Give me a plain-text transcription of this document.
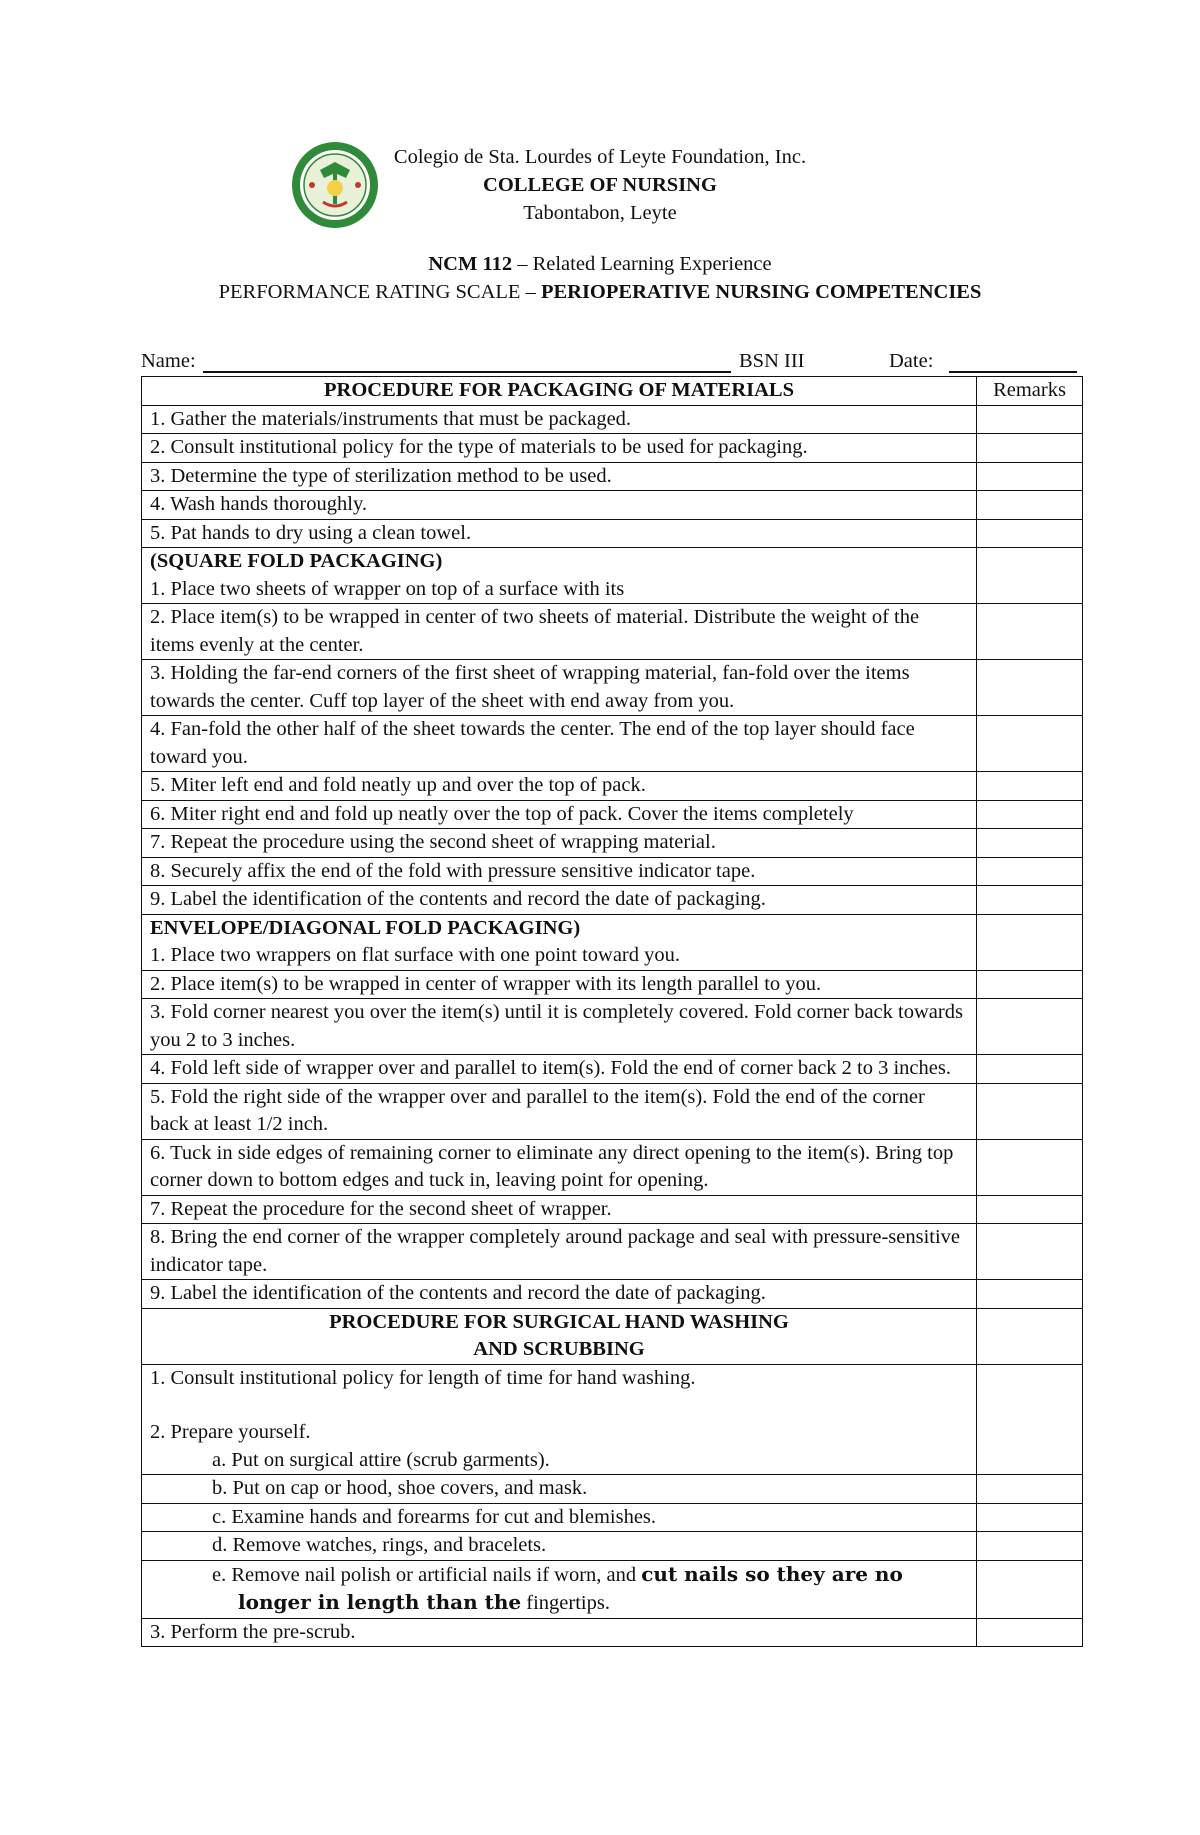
Colegio de Sta. Lourdes of Leyte Foundation, Inc.
COLLEGE OF NURSING
Tabontabon, Leyte
NCM 112 – Related Learning Experience
PERFORMANCE RATING SCALE – PERIOPERATIVE NURSING COMPETENCIES
Name:	BSN III	Date:
PROCEDURE FOR PACKAGING OF MATERIALS	Remarks
1. Gather the materials/instruments that must be packaged.	
2. Consult institutional policy for the type of materials to be used for packaging.	
3. Determine the type of sterilization method to be used.	
4. Wash hands thoroughly.	
5. Pat hands to dry using a clean towel.	

(SQUARE FOLD PACKAGING)
1. Place two sheets of wrapper on top of a surface with its	

2. Place item(s) to be wrapped in center of two sheets of material. Distribute the weight of the items evenly at the center.	
3. Holding the far-end corners of the first sheet of wrapping material, fan-fold over the items towards the center. Cuff top layer of the sheet with end away from you.	
4. Fan-fold the other half of the sheet towards the center. The end of the top layer should face toward you.	
5. Miter left end and fold neatly up and over the top of pack.	
6. Miter right end and fold up neatly over the top of pack. Cover the items completely	
7. Repeat the procedure using the second sheet of wrapping material.	
8. Securely affix the end of the fold with pressure sensitive indicator tape.	
9. Label the identification of the contents and record the date of packaging.	

ENVELOPE/DIAGONAL FOLD PACKAGING)
1. Place two wrappers on flat surface with one point toward you.	

2. Place item(s) to be wrapped in center of wrapper with its length parallel to you.	
3. Fold corner nearest you over the item(s) until it is completely covered. Fold corner back towards you 2 to 3 inches.	
4. Fold left side of wrapper over and parallel to item(s). Fold the end of corner back 2 to 3 inches.	
5. Fold the right side of the wrapper over and parallel to the item(s). Fold the end of the corner back at least 1/2 inch.	
6. Tuck in side edges of remaining corner to eliminate any direct opening to the item(s). Bring top corner down to bottom edges and tuck in, leaving point for opening.	
7. Repeat the procedure for the second sheet of wrapper.	
8. Bring the end corner of the wrapper completely around package and seal with pressure-sensitive indicator tape.	
9. Label the identification of the contents and record the date of packaging.	

PROCEDURE FOR SURGICAL HAND WASHING
AND SCRUBBING	

1. Consult institutional policy for length of time for hand washing.
2. Prepare yourself.
a. Put on surgical attire (scrub garments).	

b. Put on cap or hood, shoe covers, and mask.	
c. Examine hands and forearms for cut and blemishes.	
d. Remove watches, rings, and bracelets.	
e. Remove nail polish or artificial nails if worn, and cut nails so they are no longer in length than the fingertips.	
3. Perform the pre-scrub.	
